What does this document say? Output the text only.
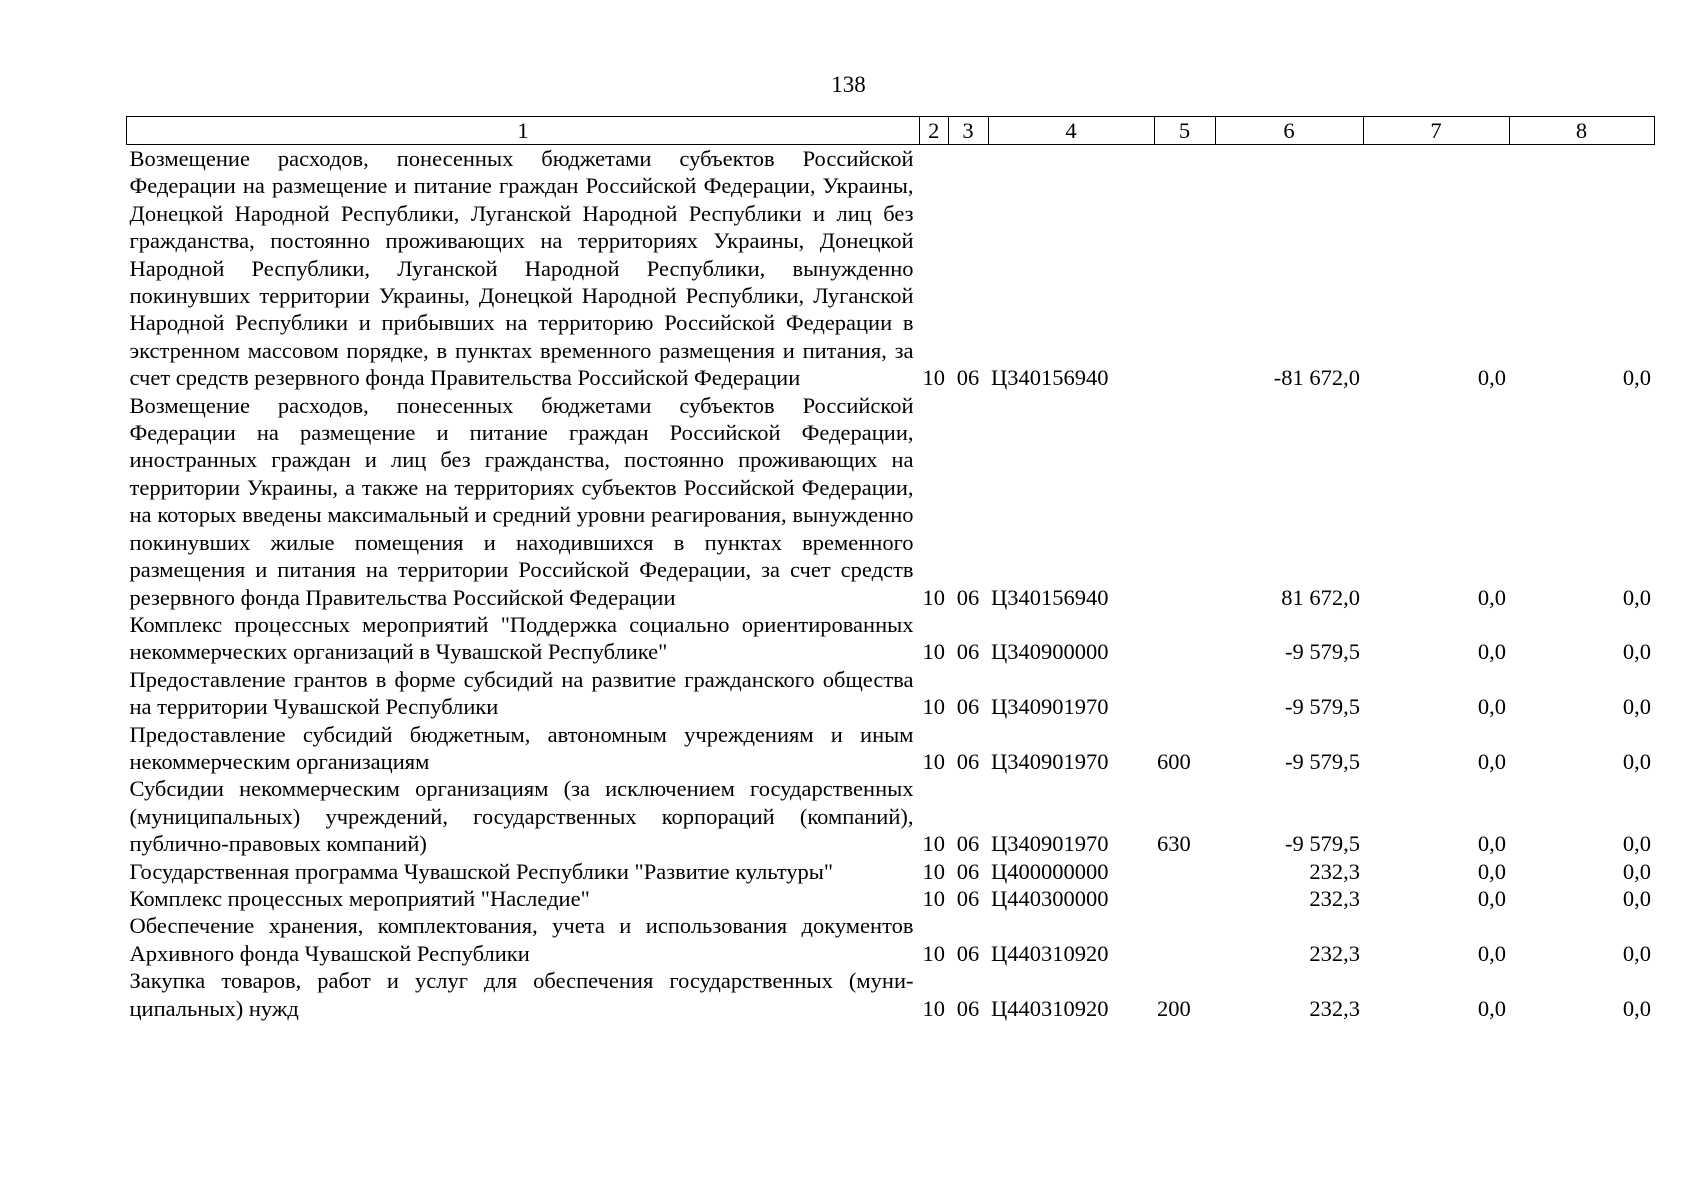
138
1	2	3	4	5	6	7	8
Возмещение расходов, понесенных бюджетами субъектов Российской Федерации на размещение и питание граждан Российской Федерации, Украины, Донецкой Народной Республики, Луганской Народной Республики и лиц без гражданства, постоянно проживающих на территориях Украины, Донецкой Народной Республики, Луганской Народной Республики, вынужденно покинувших территории Украины, Донецкой Народной Республики, Луганской Народной Республики и прибывших на территорию Российской Федерации в экстренном массовом порядке, в пунктах временного размещения и питания, за счет средств резервного фонда Правительства Российской Федерации	10	06	Ц340156940		-81 672,0	0,0	0,0
Возмещение расходов, понесенных бюджетами субъектов Российской Федерации на размещение и питание граждан Российской Федерации, иностранных граждан и лиц без гражданства, постоянно проживающих на территории Украины, а также на территориях субъектов Российской Федерации, на которых введены максимальный и средний уровни реагирования, вынужденно покинувших жилые помещения и находившихся в пунктах временного размещения и питания на территории Российской Федерации, за счет средств резервного фонда Правительства Российской Федерации	10	06	Ц340156940		81 672,0	0,0	0,0
Комплекс процессных мероприятий "Поддержка социально ориентированных некоммерческих организаций в Чувашской Республике"	10	06	Ц340900000		-9 579,5	0,0	0,0
Предоставление грантов в форме субсидий на развитие гражданского общества на территории Чувашской Республики	10	06	Ц340901970		-9 579,5	0,0	0,0
Предоставление субсидий бюджетным, автономным учреждениям и иным некоммерческим организациям	10	06	Ц340901970	600	-9 579,5	0,0	0,0
Субсидии некоммерческим организациям (за исключением государственных (муниципальных) учреждений, государственных корпораций (компаний), публично-правовых компаний)	10	06	Ц340901970	630	-9 579,5	0,0	0,0
Государственная программа Чувашской Республики "Развитие культуры"	10	06	Ц400000000		232,3	0,0	0,0
Комплекс процессных мероприятий "Наследие"	10	06	Ц440300000		232,3	0,0	0,0
Обеспечение хранения, комплектования, учета и использования документов Архивного фонда Чувашской Республики	10	06	Ц440310920		232,3	0,0	0,0
Закупка товаров, работ и услуг для обеспечения государственных (муниципальных) нужд	10	06	Ц440310920	200	232,3	0,0	0,0
